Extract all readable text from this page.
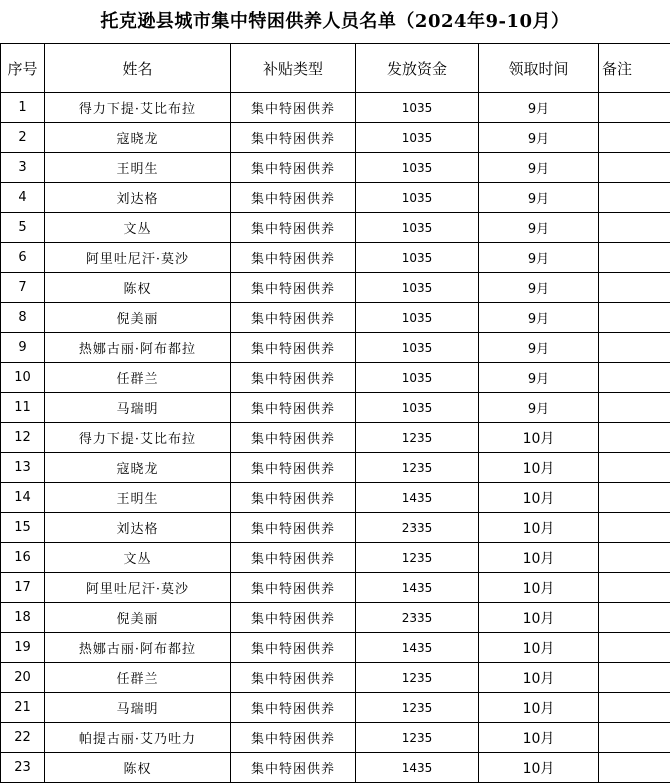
托克逊县城市集中特困供养人员名单（2024年9-10月）
序号	姓名	补贴类型	发放资金	领取时间	备注
1	得力下提·艾比布拉	集中特困供养	1035	9月	
2	寇晓龙	集中特困供养	1035	9月	
3	王明生	集中特困供养	1035	9月	
4	刘达格	集中特困供养	1035	9月	
5	文丛	集中特困供养	1035	9月	
6	阿里吐尼汗·莫沙	集中特困供养	1035	9月	
7	陈权	集中特困供养	1035	9月	
8	倪美丽	集中特困供养	1035	9月	
9	热娜古丽·阿布都拉	集中特困供养	1035	9月	
10	任群兰	集中特困供养	1035	9月	
11	马瑞明	集中特困供养	1035	9月	
12	得力下提·艾比布拉	集中特困供养	1235	10月	
13	寇晓龙	集中特困供养	1235	10月	
14	王明生	集中特困供养	1435	10月	
15	刘达格	集中特困供养	2335	10月	
16	文丛	集中特困供养	1235	10月	
17	阿里吐尼汗·莫沙	集中特困供养	1435	10月	
18	倪美丽	集中特困供养	2335	10月	
19	热娜古丽·阿布都拉	集中特困供养	1435	10月	
20	任群兰	集中特困供养	1235	10月	
21	马瑞明	集中特困供养	1235	10月	
22	帕提古丽·艾乃吐力	集中特困供养	1235	10月	
23	陈权	集中特困供养	1435	10月	
